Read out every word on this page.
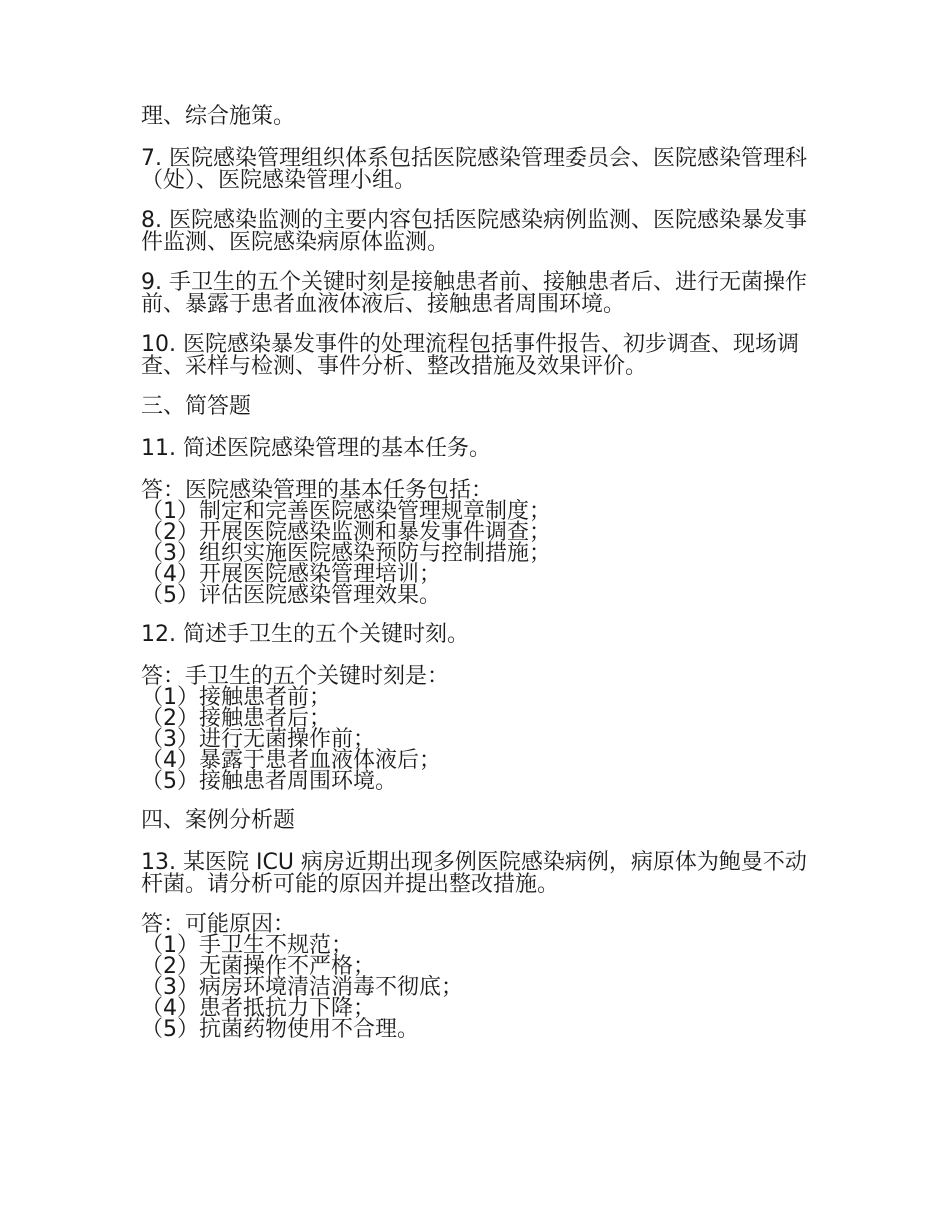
理、综合施策。

7. 医院感染管理组织体系包括医院感染管理委员会、医院感染管理科（处）、医院感染管理小组。

8. 医院感染监测的主要内容包括医院感染病例监测、医院感染暴发事件监测、医院感染病原体监测。

9. 手卫生的五个关键时刻是接触患者前、接触患者后、进行无菌操作前、暴露于患者血液体液后、接触患者周围环境。

10. 医院感染暴发事件的处理流程包括事件报告、初步调查、现场调查、采样与检测、事件分析、整改措施及效果评价。

三、简答题

11. 简述医院感染管理的基本任务。

答：医院感染管理的基本任务包括：

（1）制定和完善医院感染管理规章制度；
（2）开展医院感染监测和暴发事件调查；
（3）组织实施医院感染预防与控制措施；
（4）开展医院感染管理培训；
（5）评估医院感染管理效果。

12. 简述手卫生的五个关键时刻。

答：手卫生的五个关键时刻是：

（1）接触患者前；
（2）接触患者后；
（3）进行无菌操作前；
（4）暴露于患者血液体液后；
（5）接触患者周围环境。

四、案例分析题

13. 某医院 ICU 病房近期出现多例医院感染病例，病原体为鲍曼不动杆菌。请分析可能的原因并提出整改措施。

答：可能原因：

（1）手卫生不规范；
（2）无菌操作不严格；
（3）病房环境清洁消毒不彻底；
（4）患者抵抗力下降；
（5）抗菌药物使用不合理。
